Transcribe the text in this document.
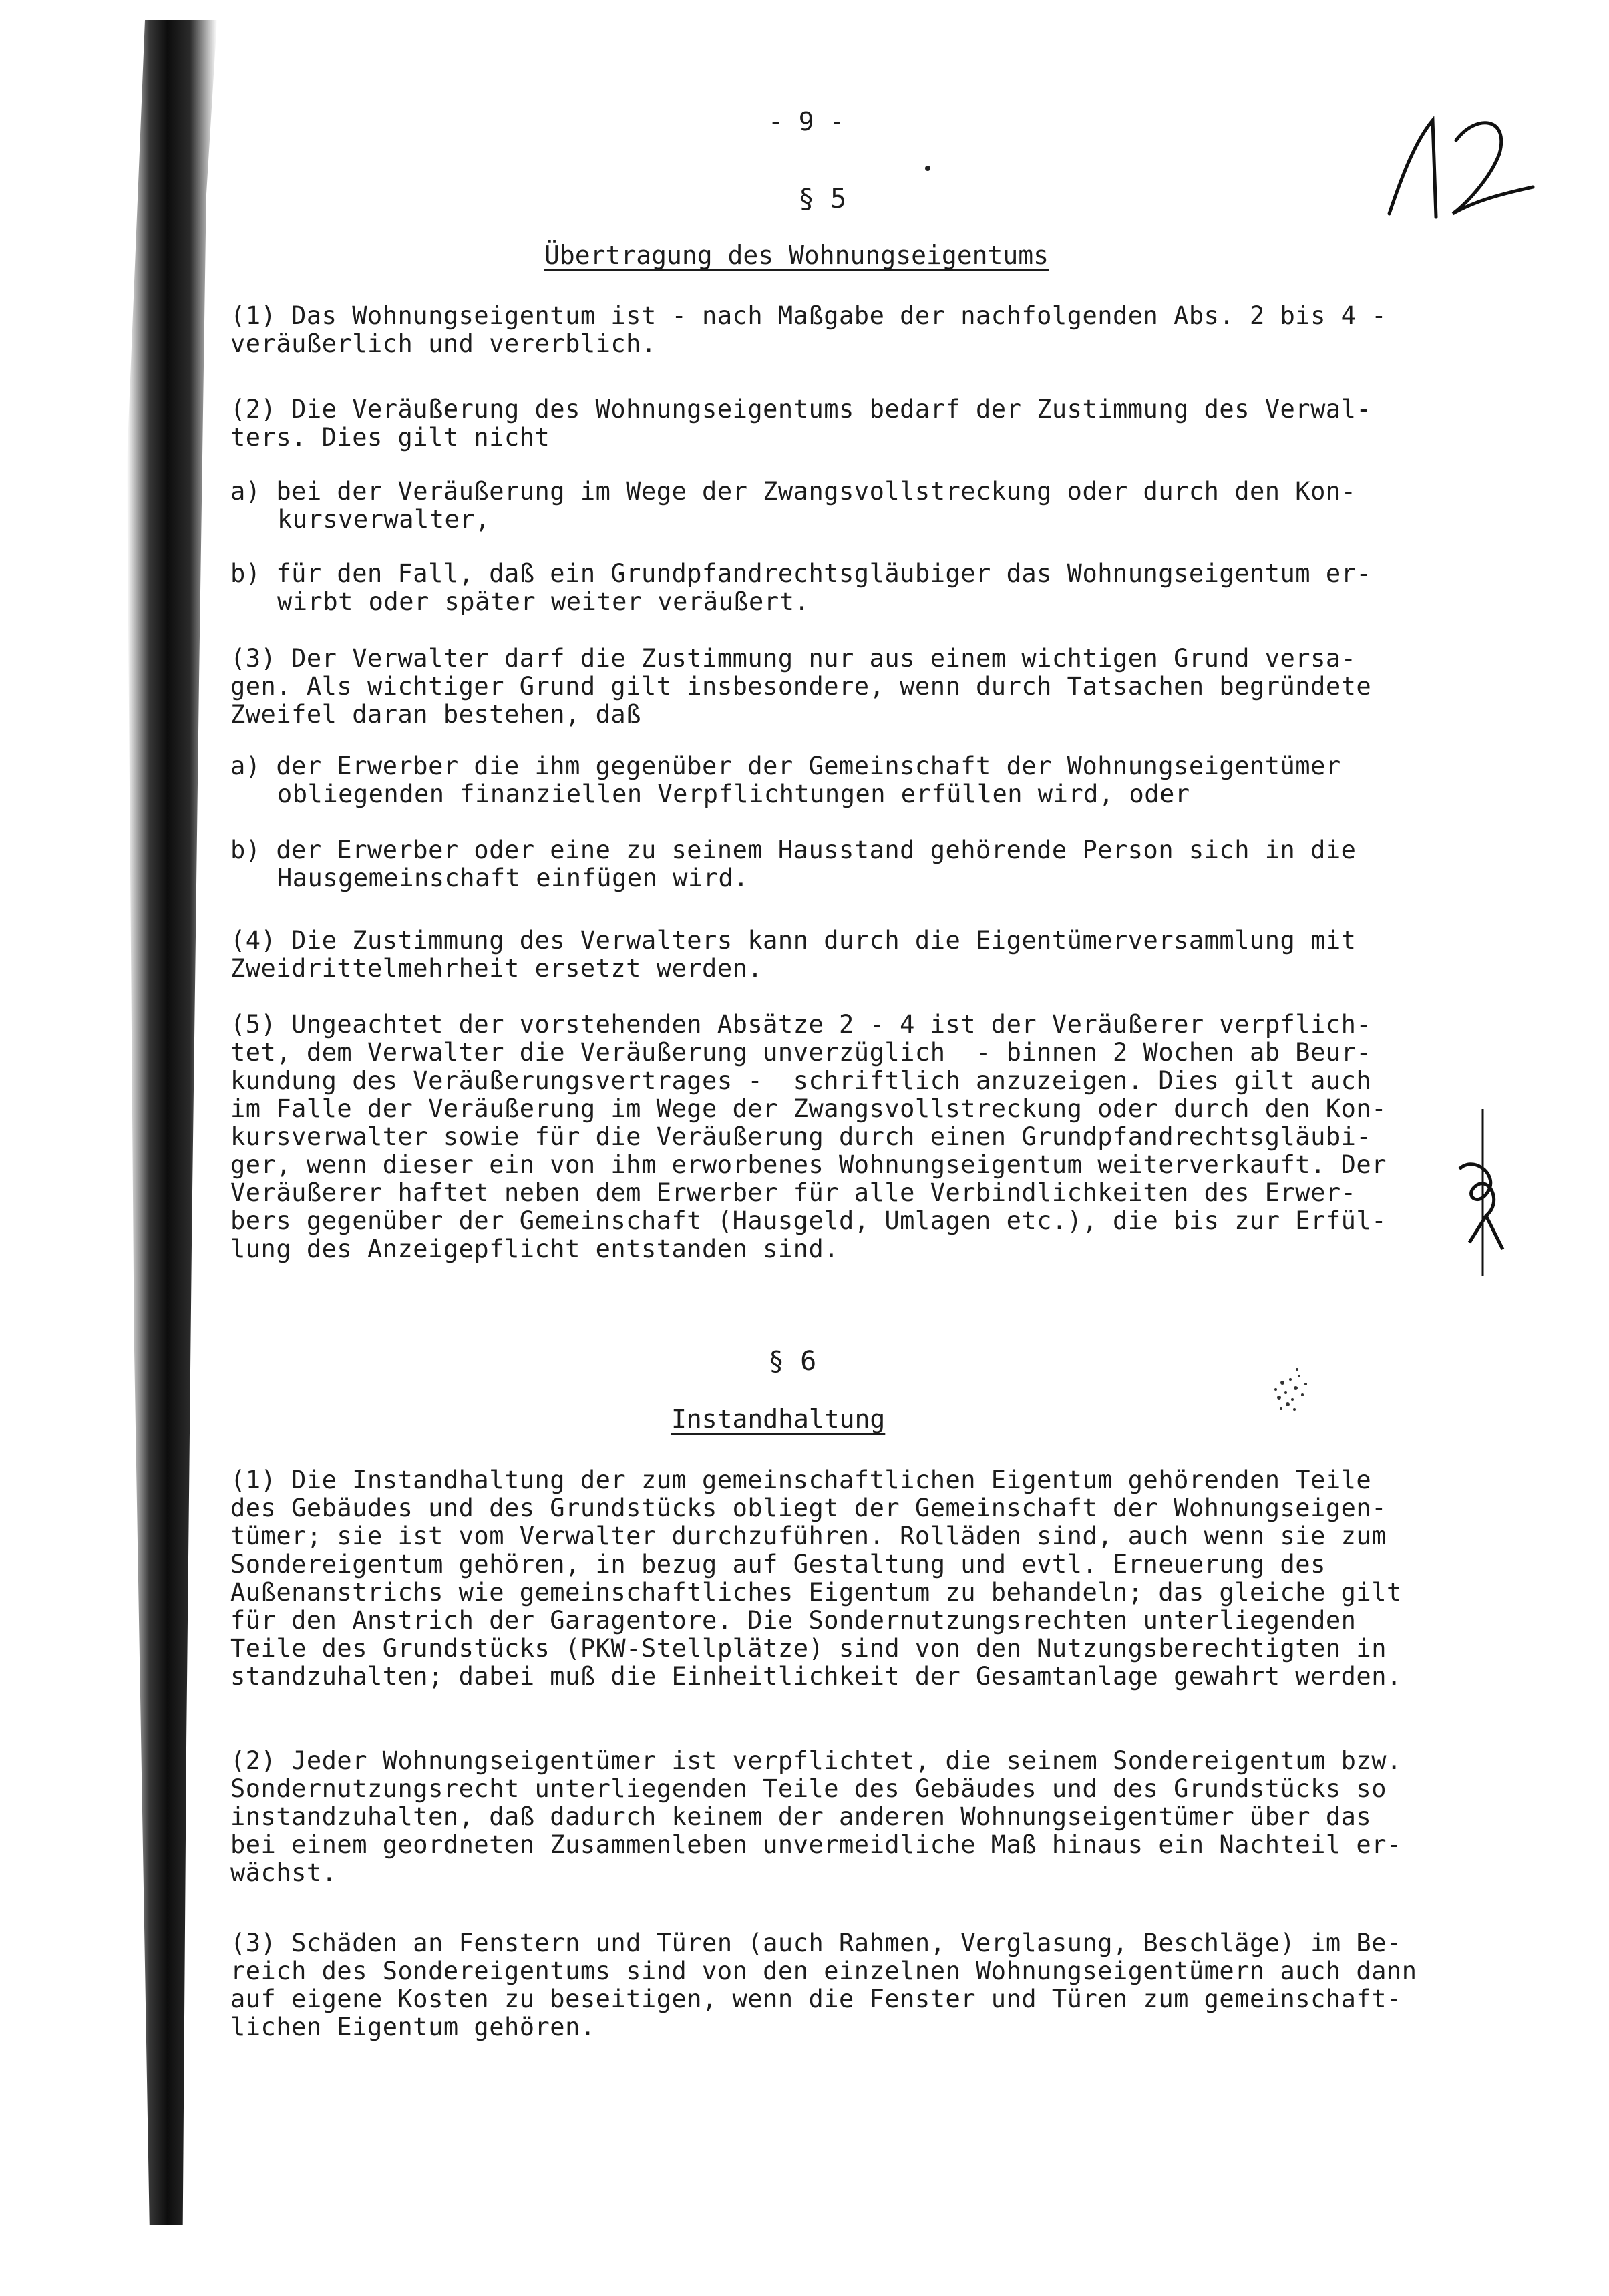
- 9 -
§ 5
Übertragung des Wohnungseigentums

(1) Das Wohnungseigentum ist - nach Maßgabe der nachfolgenden Abs. 2 bis 4 -
veräußerlich und vererblich.

(2) Die Veräußerung des Wohnungseigentums bedarf der Zustimmung des Verwal-
ters. Dies gilt nicht

a) bei der Veräußerung im Wege der Zwangsvollstreckung oder durch den Kon-
kursverwalter,

b) für den Fall, daß ein Grundpfandrechtsgläubiger das Wohnungseigentum er-
wirbt oder später weiter veräußert.

(3) Der Verwalter darf die Zustimmung nur aus einem wichtigen Grund versa-
gen. Als wichtiger Grund gilt insbesondere, wenn durch Tatsachen begründete
Zweifel daran bestehen, daß

a) der Erwerber die ihm gegenüber der Gemeinschaft der Wohnungseigentümer
obliegenden finanziellen Verpflichtungen erfüllen wird, oder

b) der Erwerber oder eine zu seinem Hausstand gehörende Person sich in die
Hausgemeinschaft einfügen wird.

(4) Die Zustimmung des Verwalters kann durch die Eigentümerversammlung mit
Zweidrittelmehrheit ersetzt werden.

(5) Ungeachtet der vorstehenden Absätze 2 - 4 ist der Veräußerer verpflich-
tet, dem Verwalter die Veräußerung unverzüglich  - binnen 2 Wochen ab Beur-
kundung des Veräußerungsvertrages -  schriftlich anzuzeigen. Dies gilt auch
im Falle der Veräußerung im Wege der Zwangsvollstreckung oder durch den Kon-
kursverwalter sowie für die Veräußerung durch einen Grundpfandrechtsgläubi-
ger, wenn dieser ein von ihm erworbenes Wohnungseigentum weiterverkauft. Der
Veräußerer haftet neben dem Erwerber für alle Verbindlichkeiten des Erwer-
bers gegenüber der Gemeinschaft (Hausgeld, Umlagen etc.), die bis zur Erfül-
lung des Anzeigepflicht entstanden sind.

§ 6
Instandhaltung

(1) Die Instandhaltung der zum gemeinschaftlichen Eigentum gehörenden Teile
des Gebäudes und des Grundstücks obliegt der Gemeinschaft der Wohnungseigen-
tümer; sie ist vom Verwalter durchzuführen. Rolläden sind, auch wenn sie zum
Sondereigentum gehören, in bezug auf Gestaltung und evtl. Erneuerung des
Außenanstrichs wie gemeinschaftliches Eigentum zu behandeln; das gleiche gilt
für den Anstrich der Garagentore. Die Sondernutzungsrechten unterliegenden
Teile des Grundstücks (PKW-Stellplätze) sind von den Nutzungsberechtigten in
standzuhalten; dabei muß die Einheitlichkeit der Gesamtanlage gewahrt werden.

(2) Jeder Wohnungseigentümer ist verpflichtet, die seinem Sondereigentum bzw.
Sondernutzungsrecht unterliegenden Teile des Gebäudes und des Grundstücks so
instandzuhalten, daß dadurch keinem der anderen Wohnungseigentümer über das
bei einem geordneten Zusammenleben unvermeidliche Maß hinaus ein Nachteil er-
wächst.

(3) Schäden an Fenstern und Türen (auch Rahmen, Verglasung, Beschläge) im Be-
reich des Sondereigentums sind von den einzelnen Wohnungseigentümern auch dann
auf eigene Kosten zu beseitigen, wenn die Fenster und Türen zum gemeinschaft-
lichen Eigentum gehören.
